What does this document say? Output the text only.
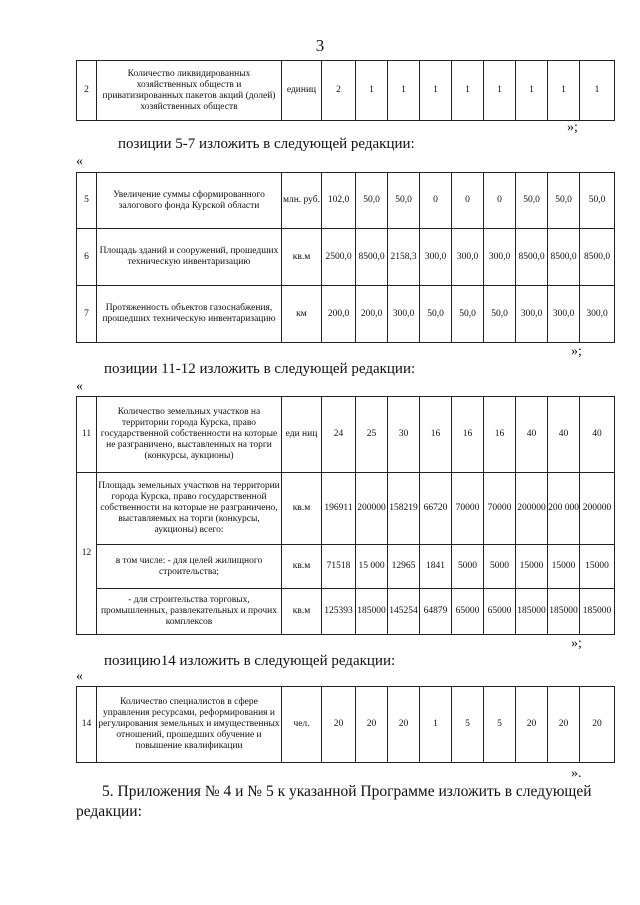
3
2	Количество ликвидированных хозяйственных обществ и приватизированных пакетов акций (долей) хозяйственных обществ	единиц	2	1	1	1	1	1	1	1	1
»;
позиции 5-7 изложить в следующей редакции:
«
5	Увеличение суммы сформированного залогового фонда Курской области	млн. руб.	102,0	50,0	50,0	0	0	0	50,0	50,0	50,0
6	Площадь зданий и сооружений, прошедших техническую инвентаризацию	кв.м	2500,0	8500,0	2158,3	300,0	300,0	300,0	8500,0	8500,0	8500,0
7	Протяженность объектов газоснабжения, прошедших техническую инвентаризацию	км	200,0	200,0	300,0	50,0	50,0	50,0	300,0	300,0	300,0
»;
позиции 11-12 изложить в следующей редакции:
«
11	Количество земельных участков на территории города Курска, право государственной собственности на которые не разграничено, выставленных на торги (конкурсы, аукционы)	еди ниц	24	25	30	16	16	16	40	40	40
12	Площадь земельных участков на территории города Курска, право государственной собственности на которые не разграничено, выставляемых на торги (конкурсы, аукционы) всего:	кв.м	196911	200000	158219	66720	70000	70000	200000	200 000	200000
	в том числе: - для целей жилищного строительства;	кв.м	71518	15 000	12965	1841	5000	5000	15000	15000	15000
	- для строительства торговых, промышленных, развлекательных и прочих комплексов	кв.м	125393	185000	145254	64879	65000	65000	185000	185000	185000
»;
позицию14 изложить в следующей редакции:
«
14	Количество специалистов в сфере управления ресурсами, реформирования и регулирования земельных и имущественных отношений, прошедших обучение и повышение квалификации	чел.	20	20	20	1	5	5	20	20	20
».
5. Приложения № 4 и № 5 к указанной Программе изложить в следующей редакции:
